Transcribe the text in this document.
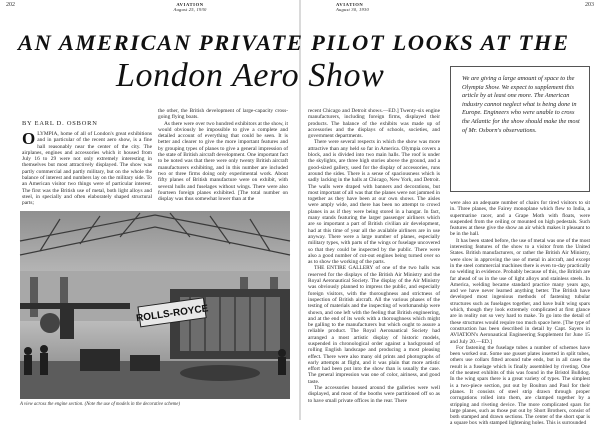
202	203
AVIATION
August 25, 1930
AVIATION
August 30, 1930
AN AMERICAN PRIVATE PILOT LOOKS AT THE
London Aero Show
BY EARL D. OSBORN

OLYMPIA, home of all of London's great exhibitions and in particular of the recent aero show, is a fine hall reasonably near the center of the city. The airplanes, engines and accessories which it housed from July 16 to 29 were not only extremely interesting in themselves but most attractively displayed. The show was partly commercial and partly military, but on the whole the balance of interest and numbers lay on the military side. To an American visitor two things were of particular interest. The first was the British use of metal, both light alloys and steel, in specially and often elaborately shaped structural parts;

the other, the British development of large-capacity cross-going flying boats.

As there were over two hundred exhibitors at the show, it would obviously be impossible to give a complete and detailed account of everything that could be seen. It is better and clearer to give the more important features and by grouping types of planes to give a general impression of the state of British aircraft development. One important fact to be noted was that there were only twenty British aircraft manufacturers exhibiting, and in this number are included two or three firms doing only experimental work. About fifty planes of British manufacture were on exhibit, with several hulls and fuselages without wings. There were also fourteen foreign planes exhibited. [The total number on display was thus somewhat lower than at the

ROLLS-ROYCE
A view across the engine section. (Note the use of models in the decorative scheme)

recent Chicago and Detroit shows.—ED.] Twenty-six engine manufacturers, including foreign firms, displayed their products. The balance of the exhibits was made up of accessories and the displays of schools, societies, and government departments.

There were several respects in which the show was more attractive than any held so far in America. Olympia covers a block, and is divided into two main halls. The roof is under the skylights, are three high stories above the ground, and a good-sized gallery, used for the display of accessories, runs around the sides. There is a sense of spaciousness which is sadly lacking in the halls at Chicago, New York, and Detroit. The walls were draped with banners and decorations, but most important of all was that the planes were not jammed in together as they have been at our own shows. The aisles were amply wide, and there has been no attempt to crowd planes in as if they were being stored in a hangar. In fact, many stands featuring the larger passenger airliners which are so important a part of British civilian air development, had at this time of year all the available airliners are in use anyway. There were a large number of planes, especially military types, with parts of the wings or fuselage uncovered so that they could be inspected by the public. There were also a good number of cut-out engines being turned over so as to show the working of the parts.

THE ENTIRE GALLERY of one of the two halls was reserved for the displays of the British Air Ministry and the Royal Aeronautical Society. The display of the Air Ministry was obviously planned to impress the public, and especially foreign visitors, with the thoroughness and strictness of inspection of British aircraft. All the various phases of the testing of materials and the inspecting of workmanship were shown, and one left with the feeling that British engineering, and at the end of its work with a thoroughness which might be galling to the manufacturers but which ought to assure a reliable product. The Royal Aeronautical Society had arranged a most artistic display of historic models, suspended in chronological order against a background of rolling English landscape and producing a most pleasing effect. There were also many old prints and photographs of early attempts at flight, and it was plain that more artistic effort had been put into the show than is usually the case. The general impression was one of color, airiness, and good taste.

The accessories housed around the galleries were well displayed, and most of the booths were partitioned off so as to have small private offices in the rear. There

We are giving a large amount of space to the Olympia Show. We expect to supplement this article by at least one more. The American industry cannot neglect what is being done in Europe. Engineers who were unable to cross the Atlantic for the show should make the most of Mr. Osborn's observations.

were also an adequate number of chairs for tired visitors to sit in. Three planes, the Fairey monoplane which flew to India, a supermarine racer, and a Grape Moth with floats, were suspended from the ceiling or mounted on high pedestals. Such features at these give the show an air which makes it pleasant to be in the hall.

It has been stated before, the use of metal was one of the most interesting features of the show to a visitor from the United States. British manufacturers, or rather the British Air Ministry, were slow in approving the use of metal in aircraft, and except in the steel commercial machines there is even to-day practically no welding in evidence. Probably because of this, the British are far ahead of us in the use of light alloys and stainless steels. In America, welding became standard practice many years ago, and we have never learned anything better. The British have developed most ingenious methods of fastening tubular structures such as fuselages together, and have built wing spars which, though they look extremely complicated at first glance are in reality not so very hard to make. To go into the detail of these structures would require too much space here. [The type of construction has been described in detail by Capt. Sayers in AVIATION's Aeronautical Engineering Supplement for June 15 and July 20.—ED.]

For fastening the fuselage tubes a number of schemes have been worked out. Some use gusset plates inserted in split tubes, others use collars fitted around tube ends, but in all cases the result is a fuselage which is finally assembled by riveting. One of the neatest exhibits of this was found in the Bristol Bulldog. In the wing spars there is a great variety of types. The simplest is a two-piece section, put out by Boulton and Paul for their planes. It consists of steel strip drawn through proper corrugations rolled into them, are clamped together by a stripping and riveting device. The more complicated spars for large planes, such as those put out by Short Brothers, consist of both stamped and drawn sections. The center of the short spar is a square box with stamped lightening holes. This is surrounded
